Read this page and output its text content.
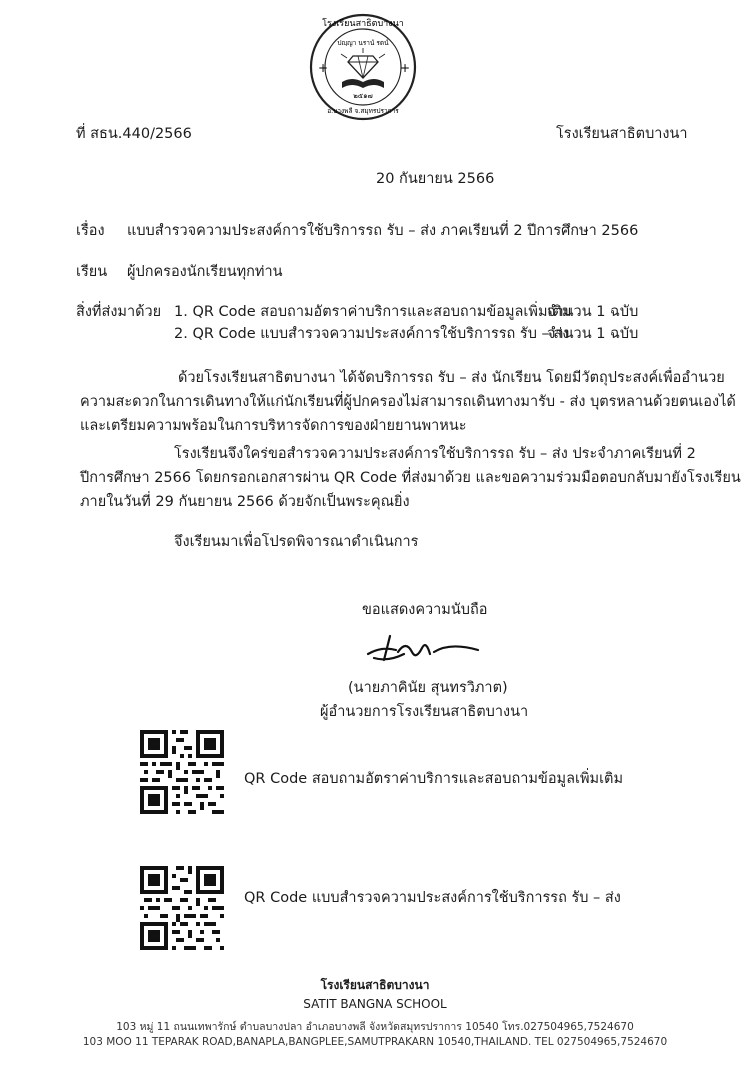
โรงเรียนสาธิตบางนา
ปญฺญา นรานํ รตนํ
๒๕๑๗
อ.บางพลี จ.สมุทรปราการ
+	+
ที่ สธน.440/2566	โรงเรียนสาธิตบางนา
20 กันยายน 2566
เรื่อง แบบสำรวจความประสงค์การใช้บริการรถ รับ – ส่ง ภาคเรียนที่ 2 ปีการศึกษา 2566
เรียน ผู้ปกครองนักเรียนทุกท่าน
สิ่งที่ส่งมาด้วย 1. QR Code สอบถามอัตราค่าบริการและสอบถามข้อมูลเพิ่มเติม
จำนวน 1 ฉบับ
2. QR Code แบบสำรวจความประสงค์การใช้บริการรถ รับ – ส่ง
จำนวน 1 ฉบับ
ด้วยโรงเรียนสาธิตบางนา ได้จัดบริการรถ รับ – ส่ง นักเรียน โดยมีวัตถุประสงค์เพื่ออำนวย
ความสะดวกในการเดินทางให้แก่นักเรียนที่ผู้ปกครองไม่สามารถเดินทางมารับ - ส่ง บุตรหลานด้วยตนเองได้
และเตรียมความพร้อมในการบริหารจัดการของฝ่ายยานพาหนะ
โรงเรียนจึงใคร่ขอสำรวจความประสงค์การใช้บริการรถ รับ – ส่ง ประจำภาคเรียนที่ 2
ปีการศึกษา 2566 โดยกรอกเอกสารผ่าน QR Code ที่ส่งมาด้วย และขอความร่วมมือตอบกลับมายังโรงเรียน
ภายในวันที่ 29 กันยายน 2566 ด้วยจักเป็นพระคุณยิ่ง
จึงเรียนมาเพื่อโปรดพิจารณาดำเนินการ
ขอแสดงความนับถือ
(นายภาคินัย สุนทรวิภาต)
ผู้อำนวยการโรงเรียนสาธิตบางนา
QR Code สอบถามอัตราค่าบริการและสอบถามข้อมูลเพิ่มเติม
QR Code แบบสำรวจความประสงค์การใช้บริการรถ รับ – ส่ง
โรงเรียนสาธิตบางนา
SATIT BANGNA SCHOOL
103 หมู่ 11 ถนนเทพารักษ์ ตำบลบางปลา อำเภอบางพลี จังหวัดสมุทรปราการ 10540 โทร.027504965,7524670
103 MOO 11 TEPARAK ROAD,BANAPLA,BANGPLEE,SAMUTPRAKARN 10540,THAILAND. TEL 027504965,7524670
